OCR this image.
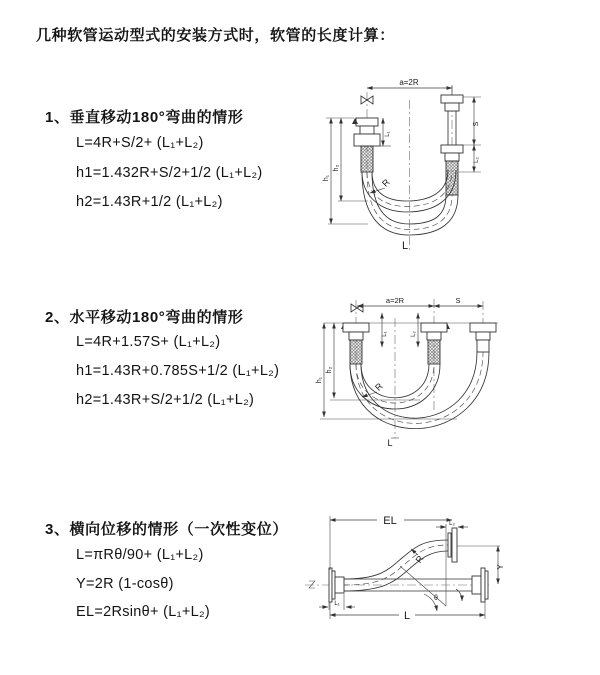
几种软管运动型式的安装方式时，软管的长度计算：
1、垂直移动180°弯曲的情形
L=4R+S/2+ (L₁+L₂)
h1=1.432R+S/2+1/2 (L₁+L₂)
h2=1.43R+1/2 (L₁+L₂)
2、水平移动180°弯曲的情形
L=4R+1.57S+ (L₁+L₂)
h1=1.43R+0.785S+1/2 (L₁+L₂)
h2=1.43R+S/2+1/2 (L₁+L₂)
3、横向位移的情形（一次性变位）
L=πRθ/90+ (L₁+L₂)
Y=2R (1-cosθ)
EL=2Rsinθ+ (L₁+L₂)
a=2R
h₁
h₂
L₁
S
L₂
R
L
a=2R	S
L₁	L₂
h₁
h₂
R
L
EL	L₂
Y
θ
R
L₁
L
